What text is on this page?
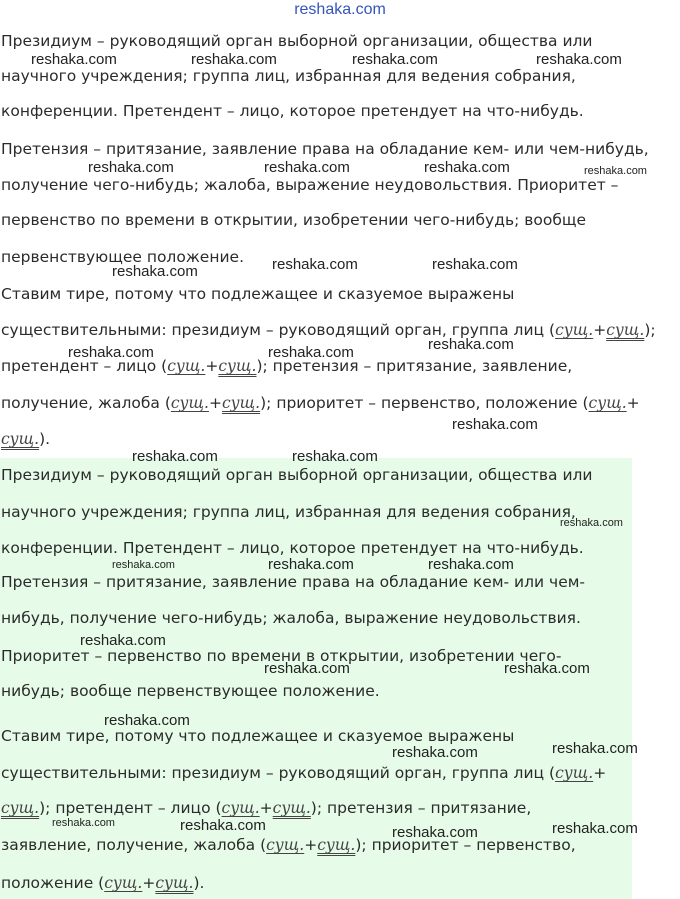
reshaka.com
Президиум – руководящий орган выборной организации, общества или
научного учреждения; группа лиц, избранная для ведения собрания,
конференции. Претендент – лицо, которое претендует на что-нибудь.
Претензия – притязание, заявление права на обладание кем- или чем-нибудь,
получение чего-нибудь; жалоба, выражение неудовольствия. Приоритет –
первенство по времени в открытии, изобретении чего-нибудь; вообще
первенствующее положение.
Ставим тире, потому что подлежащее и сказуемое выражены
существительными: президиум – руководящий орган, группа лиц (сущ.+сущ.);
претендент – лицо (сущ.+сущ.); претензия – притязание, заявление,
получение, жалоба (сущ.+сущ.); приоритет – первенство, положение (сущ.+
сущ.).
Президиум – руководящий орган выборной организации, общества или
научного учреждения; группа лиц, избранная для ведения собрания,
конференции. Претендент – лицо, которое претендует на что-нибудь.
Претензия – притязание, заявление права на обладание кем- или чем-
нибудь, получение чего-нибудь; жалоба, выражение неудовольствия.
Приоритет – первенство по времени в открытии, изобретении чего-
нибудь; вообще первенствующее положение.
Ставим тире, потому что подлежащее и сказуемое выражены
существительными: президиум – руководящий орган, группа лиц (сущ.+
сущ.); претендент – лицо (сущ.+сущ.); претензия – притязание,
заявление, получение, жалоба (сущ.+сущ.); приоритет – первенство,
положение (сущ.+сущ.).
reshaka.com	reshaka.com	reshaka.com	reshaka.com
reshaka.com	reshaka.com	reshaka.com	reshaka.com
reshaka.com	reshaka.com	reshaka.com
reshaka.com	reshaka.com	reshaka.com
reshaka.com
reshaka.com	reshaka.com
reshaka.com
reshaka.com	reshaka.com	reshaka.com
reshaka.com
reshaka.com	reshaka.com
reshaka.com
reshaka.com	reshaka.com
reshaka.com	reshaka.com	reshaka.com	reshaka.com
